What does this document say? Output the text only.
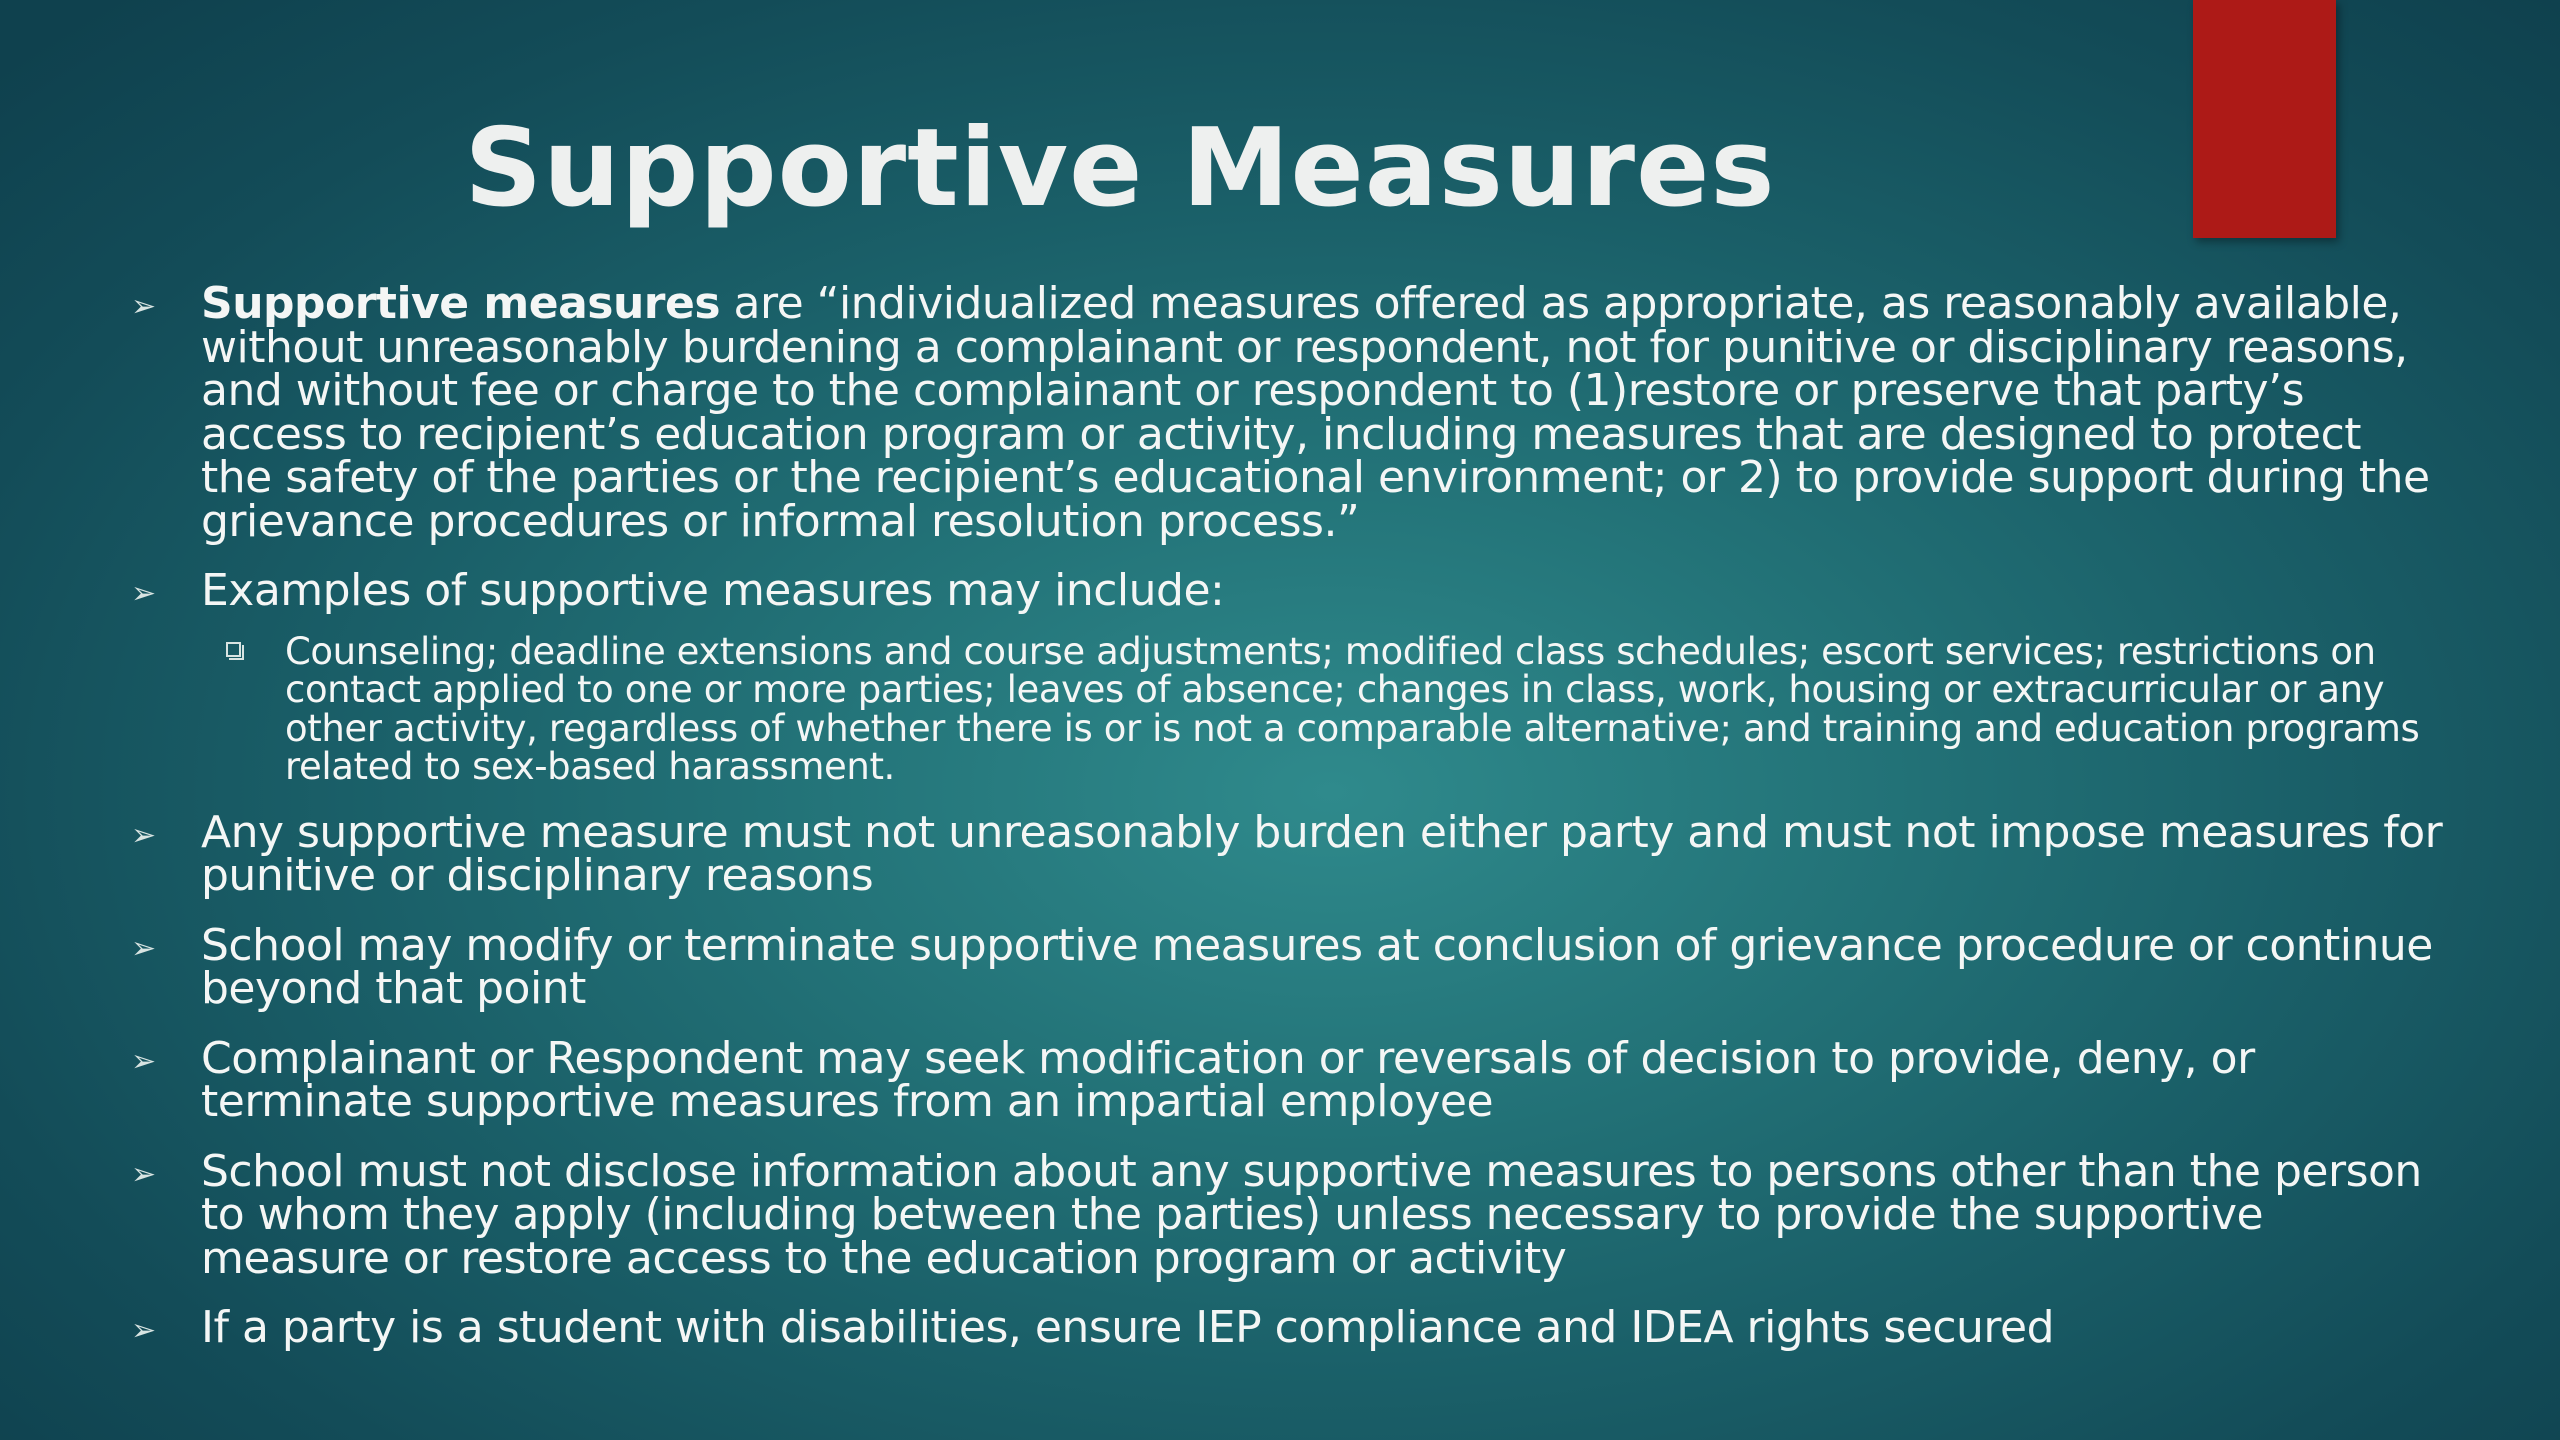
Supportive Measures
➢ Supportive measures are “individualized measures offered as appropriate, as reasonably available, without unreasonably burdening a complainant or respondent, not for punitive or disciplinary reasons, and without fee or charge to the complainant or respondent to (1)restore or preserve that party’s access to recipient’s education program or activity, including measures that are designed to protect the safety of the parties or the recipient’s educational environment; or 2) to provide support during the grievance procedures or informal resolution process.”
➢ Examples of supportive measures may include:
Counseling; deadline extensions and course adjustments; modified class schedules; escort services; restrictions on contact applied to one or more parties; leaves of absence; changes in class, work, housing or extracurricular or any other activity, regardless of whether there is or is not a comparable alternative; and training and education programs related to sex-based harassment.
➢ Any supportive measure must not unreasonably burden either party and must not impose measures for punitive or disciplinary reasons
➢ School may modify or terminate supportive measures at conclusion of grievance procedure or continue beyond that point
➢ Complainant or Respondent may seek modification or reversals of decision to provide, deny, or terminate supportive measures from an impartial employee
➢ School must not disclose information about any supportive measures to persons other than the person to whom they apply (including between the parties) unless necessary to provide the supportive measure or restore access to the education program or activity
➢ If a party is a student with disabilities, ensure IEP compliance and IDEA rights secured
